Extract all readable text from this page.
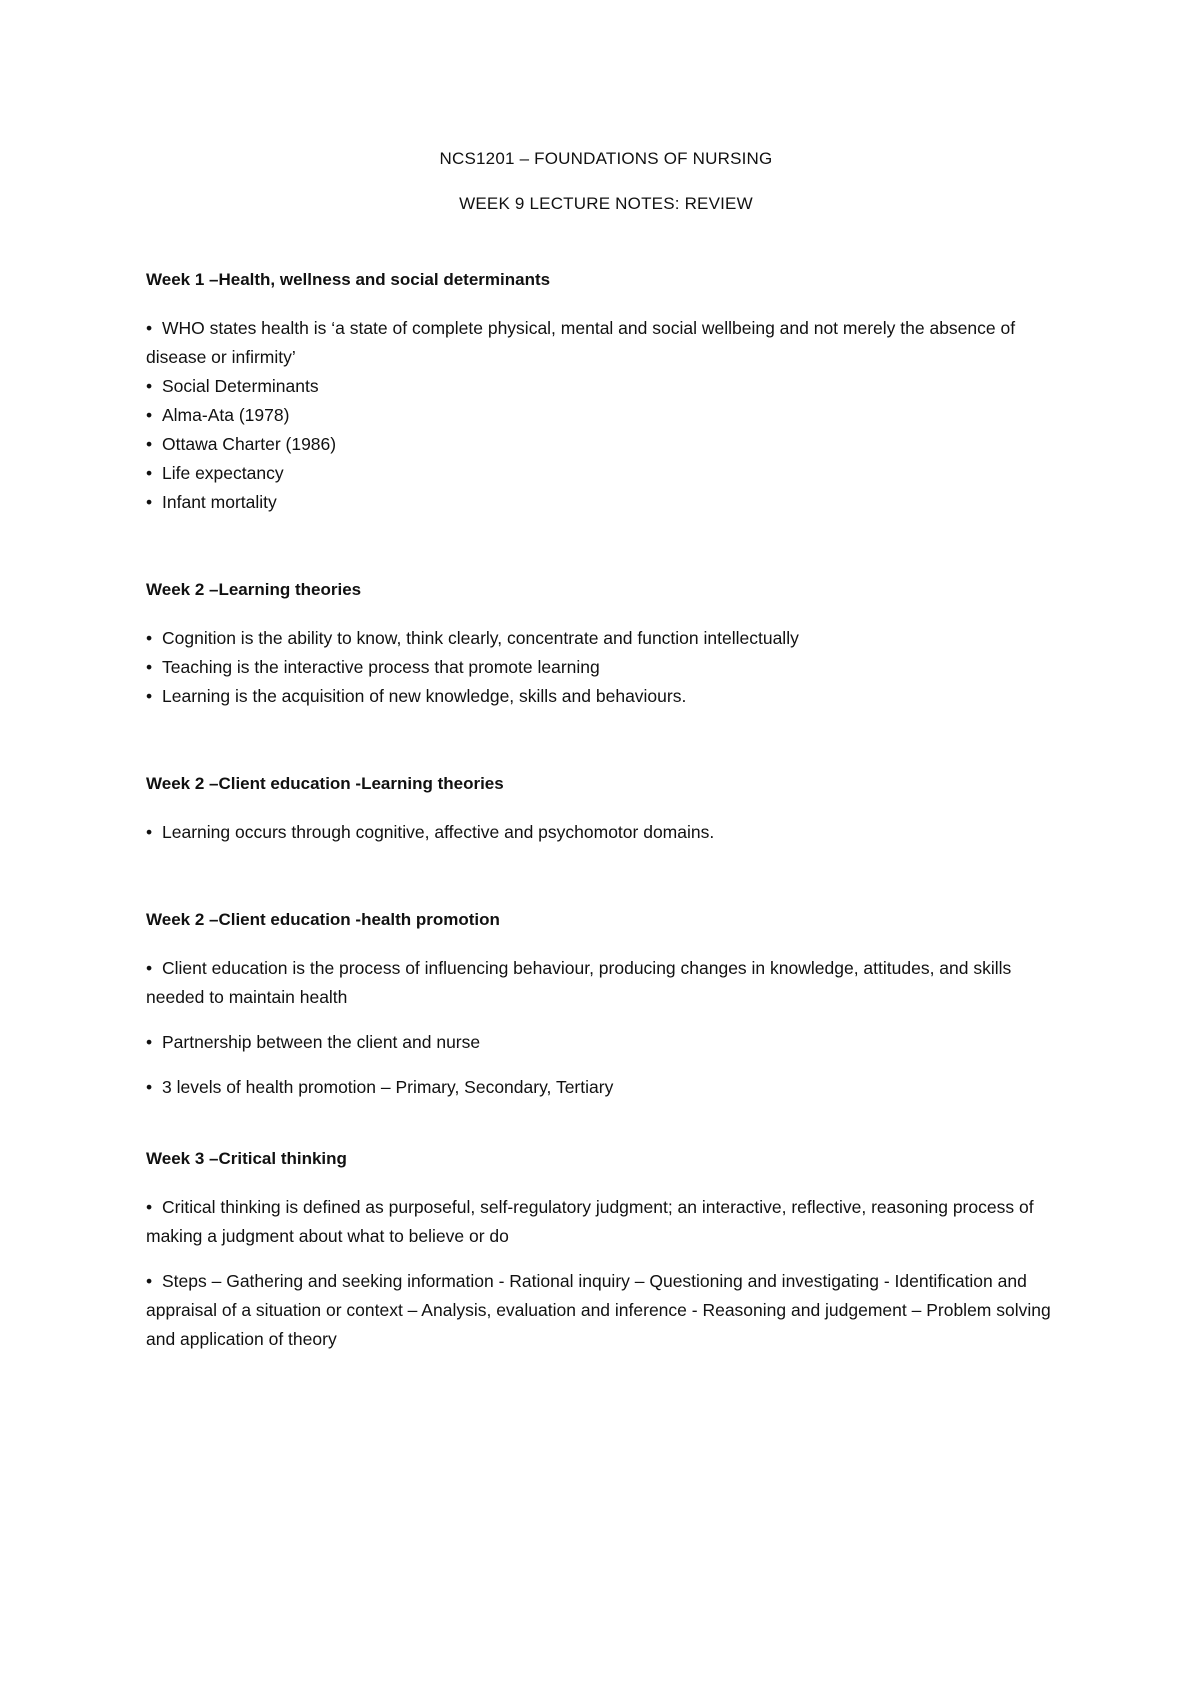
NCS1201 – FOUNDATIONS OF NURSING

WEEK 9 LECTURE NOTES: REVIEW

Week 1 –Health, wellness and social determinants

• WHO states health is ‘a state of complete physical, mental and social wellbeing and not merely the absence of disease or infirmity’

• Social Determinants

• Alma-Ata (1978)

• Ottawa Charter (1986)

• Life expectancy

• Infant mortality

Week 2 –Learning theories

• Cognition is the ability to know, think clearly, concentrate and function intellectually

• Teaching is the interactive process that promote learning

• Learning is the acquisition of new knowledge, skills and behaviours.

Week 2 –Client education -Learning theories

• Learning occurs through cognitive, affective and psychomotor domains.

Week 2 –Client education -health promotion

• Client education is the process of influencing behaviour, producing changes in knowledge, attitudes, and skills needed to maintain health

• Partnership between the client and nurse

• 3 levels of health promotion – Primary, Secondary, Tertiary

Week 3 –Critical thinking

• Critical thinking is defined as purposeful, self-regulatory judgment; an interactive, reflective, reasoning process of making a judgment about what to believe or do

• Steps – Gathering and seeking information - Rational inquiry – Questioning and investigating - Identification and appraisal of a situation or context – Analysis, evaluation and inference - Reasoning and judgement – Problem solving and application of theory
